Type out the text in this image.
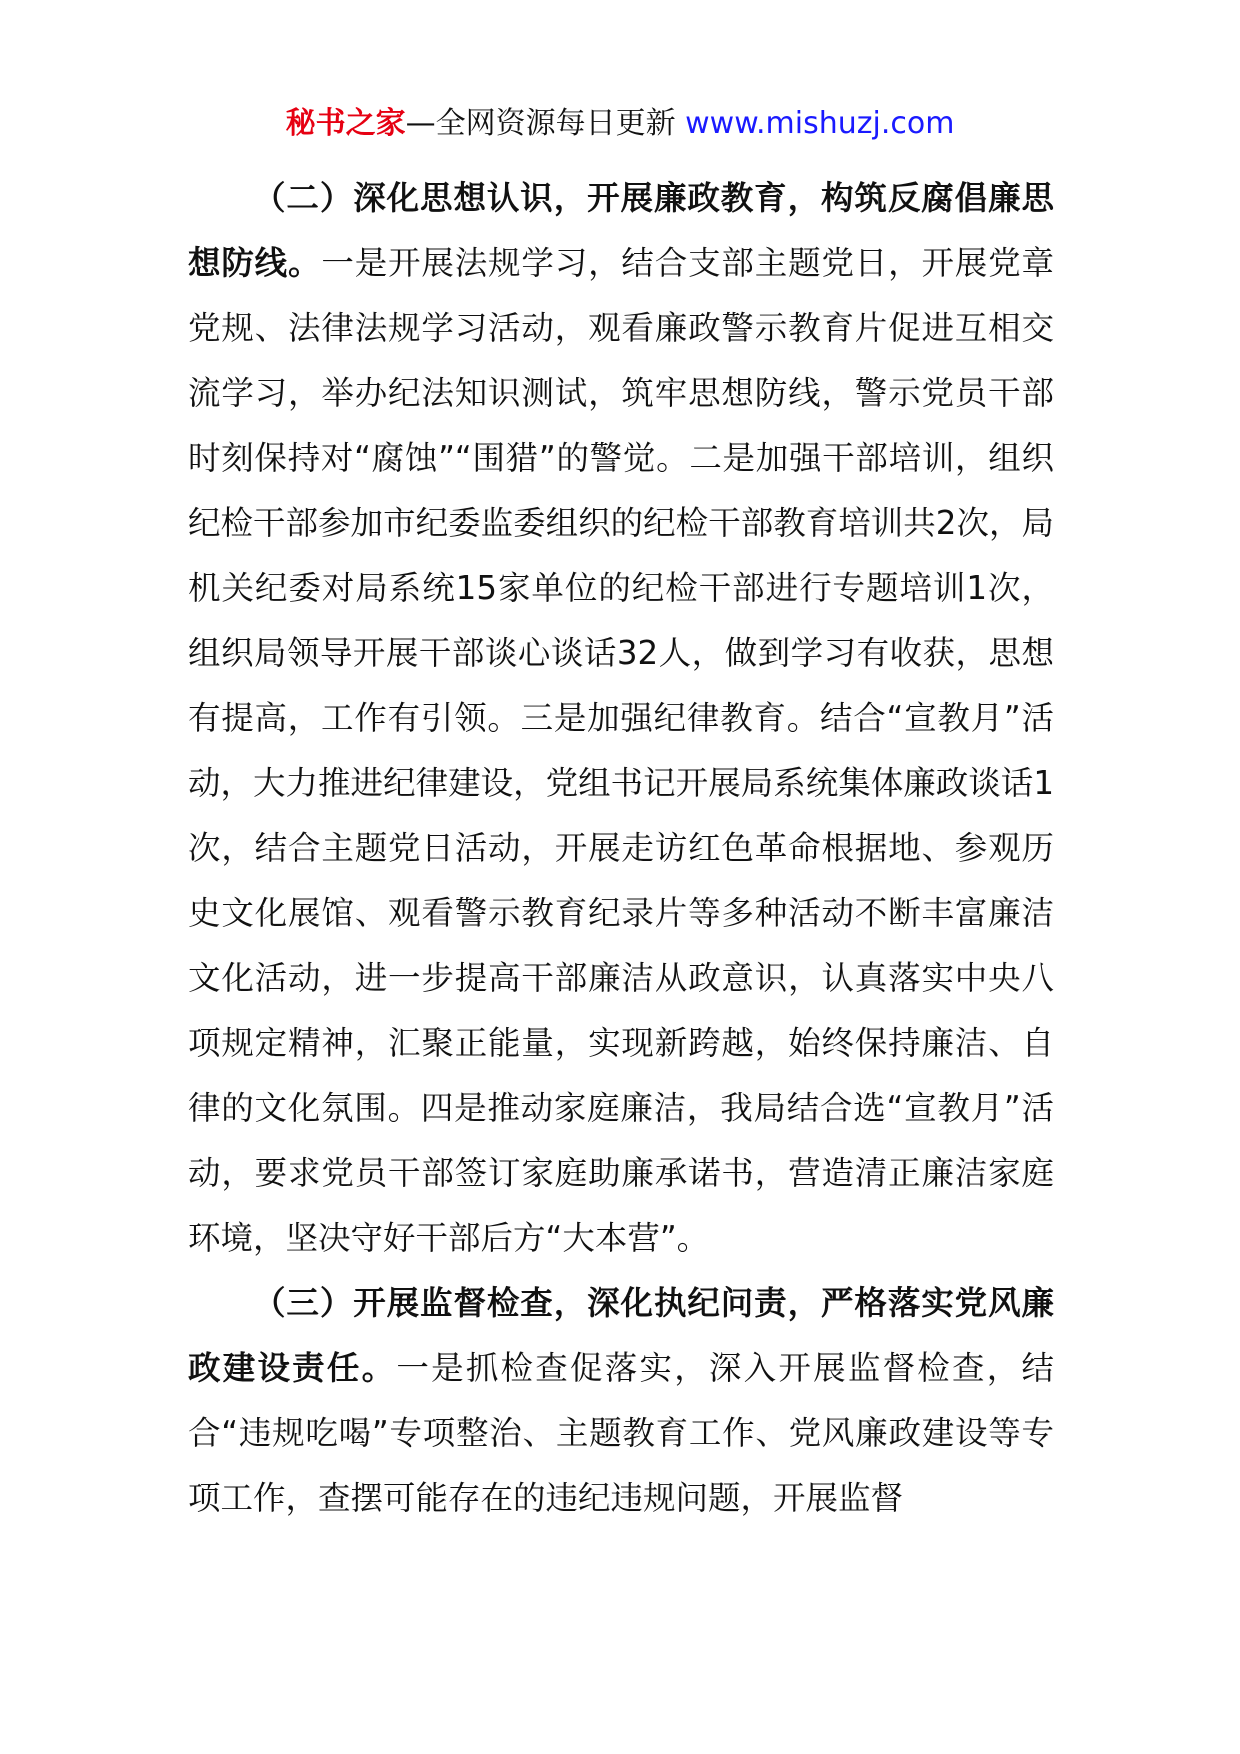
秘书之家—全网资源每日更新 www.mishuzj.com

（二）深化思想认识，开展廉政教育，构筑反腐倡廉思想防线。一是开展法规学习，结合支部主题党日，开展党章党规、法律法规学习活动，观看廉政警示教育片促进互相交流学习，举办纪法知识测试，筑牢思想防线，警示党员干部时刻保持对“腐蚀”“围猎”的警觉。二是加强干部培训，组织纪检干部参加市纪委监委组织的纪检干部教育培训共2次，局机关纪委对局系统15家单位的纪检干部进行专题培训1次，组织局领导开展干部谈心谈话32人，做到学习有收获，思想有提高，工作有引领。三是加强纪律教育。结合“宣教月”活动，大力推进纪律建设，党组书记开展局系统集体廉政谈话1次，结合主题党日活动，开展走访红色革命根据地、参观历史文化展馆、观看警示教育纪录片等多种活动不断丰富廉洁文化活动，进一步提高干部廉洁从政意识，认真落实中央八项规定精神，汇聚正能量，实现新跨越，始终保持廉洁、自律的文化氛围。四是推动家庭廉洁，我局结合选“宣教月”活动，要求党员干部签订家庭助廉承诺书，营造清正廉洁家庭环境，坚决守好干部后方“大本营”。

（三）开展监督检查，深化执纪问责，严格落实党风廉政建设责任。一是抓检查促落实，深入开展监督检查，结合“违规吃喝”专项整治、主题教育工作、党风廉政建设等专项工作，查摆可能存在的违纪违规问题，开展监督
